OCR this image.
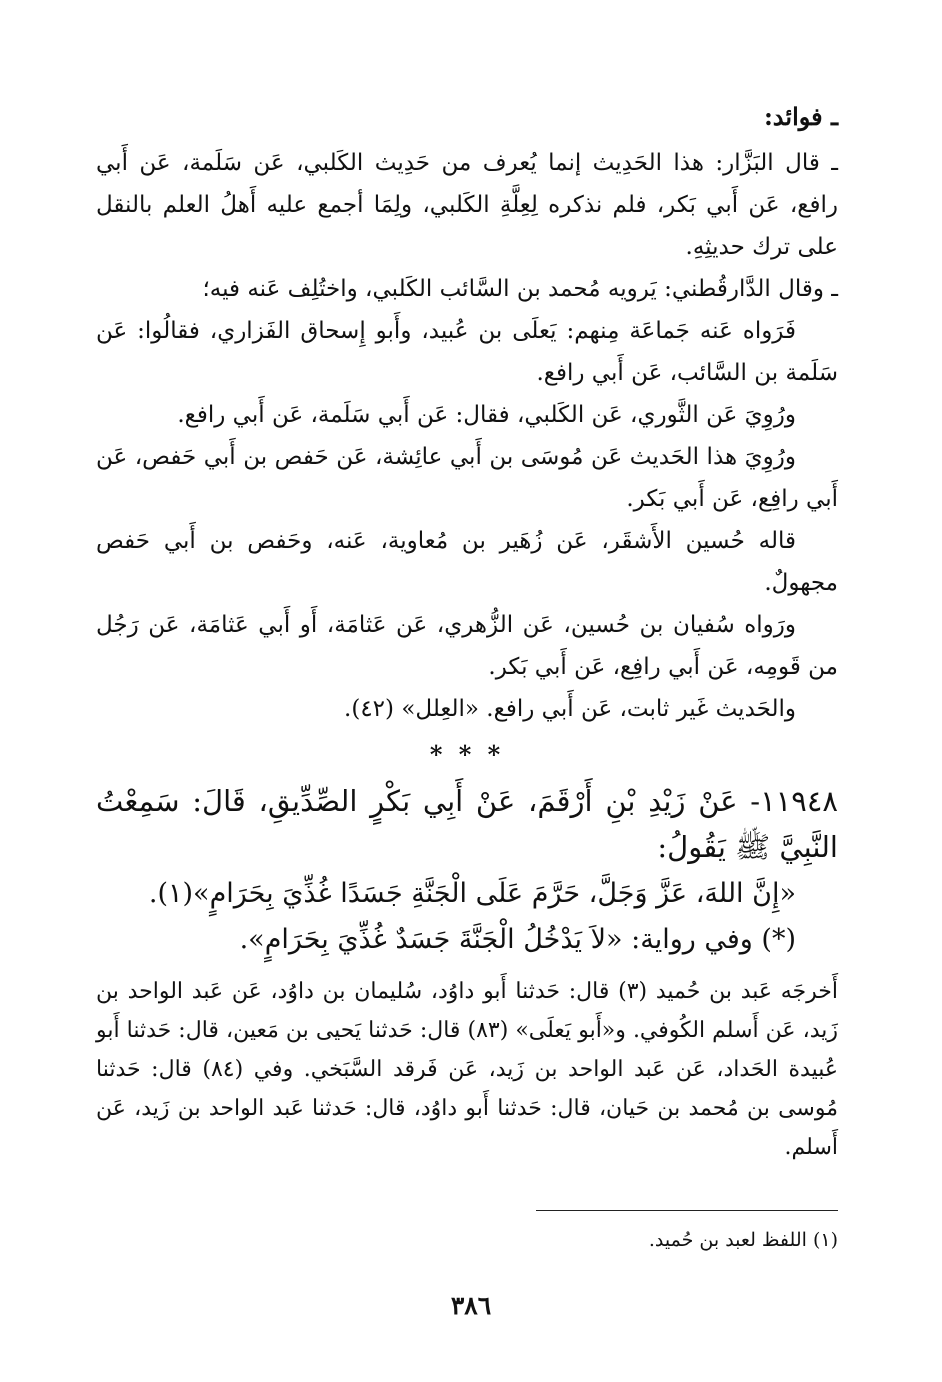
ـ فوائد:

ـ قال البَزَّار: هذا الحَدِيث إنما يُعرف من حَدِيث الكَلبي، عَن سَلَمة، عَن أَبي رافع، عَن أَبي بَكر، فلم نذكره لِعِلَّةِ الكَلبي، ولِمَا أجمع عليه أَهلُ العلم بالنقل على ترك حديثِهِ.

ـ وقال الدَّارقُطني: يَرويه مُحمد بن السَّائب الكَلبي، واختُلِف عَنه فيه؛

فَرَواه عَنه جَماعَة مِنهم: يَعلَى بن عُبيد، وأَبو إِسحاق الفَزاري، فقالُوا: عَن سَلَمة بن السَّائب، عَن أَبي رافع.

ورُوِيَ عَن الثَّوري، عَن الكَلبي، فقال: عَن أَبي سَلَمة، عَن أَبي رافع.

ورُوِيَ هذا الحَديث عَن مُوسَى بن أَبي عائِشة، عَن حَفص بن أَبي حَفص، عَن أَبي رافِع، عَن أَبي بَكر.

قاله حُسين الأَشقَر، عَن زُهَير بن مُعاوية، عَنه، وحَفص بن أَبي حَفص مجهولٌ.

ورَواه سُفيان بن حُسين، عَن الزُّهري، عَن عَثامَة، أَو أَبي عَثامَة، عَن رَجُل من قَومِه، عَن أَبي رافِع، عَن أَبي بَكر.

والحَديث غَير ثابت، عَن أَبي رافع. «العِلل» (٤٢).

* * *

١١٩٤٨- عَنْ زَيْدِ بْنِ أَرْقَمَ، عَنْ أَبِي بَكْرٍ الصِّدِّيقِ، قَالَ: سَمِعْتُ النَّبِيَّ ﷺ يَقُولُ:

«إِنَّ اللهَ، عَزَّ وَجَلَّ، حَرَّمَ عَلَى الْجَنَّةِ جَسَدًا غُذِّيَ بِحَرَامٍ»(١).

(*) وفي رواية: «لاَ يَدْخُلُ الْجَنَّةَ جَسَدٌ غُذِّيَ بِحَرَامٍ».

أَخرجَه عَبد بن حُميد (٣) قال: حَدثنا أَبو داوُد، سُليمان بن داوُد، عَن عَبد الواحد بن زَيد، عَن أَسلم الكُوفي. و«أَبو يَعلَى» (٨٣) قال: حَدثنا يَحيى بن مَعين، قال: حَدثنا أَبو عُبيدة الحَداد، عَن عَبد الواحد بن زَيد، عَن فَرقد السَّبَخي. وفي (٨٤) قال: حَدثنا مُوسى بن مُحمد بن حَيان، قال: حَدثنا أَبو داوُد، قال: حَدثنا عَبد الواحد بن زَيد، عَن أَسلم.

(١) اللفظ لعبد بن حُميد.
٣٨٦
